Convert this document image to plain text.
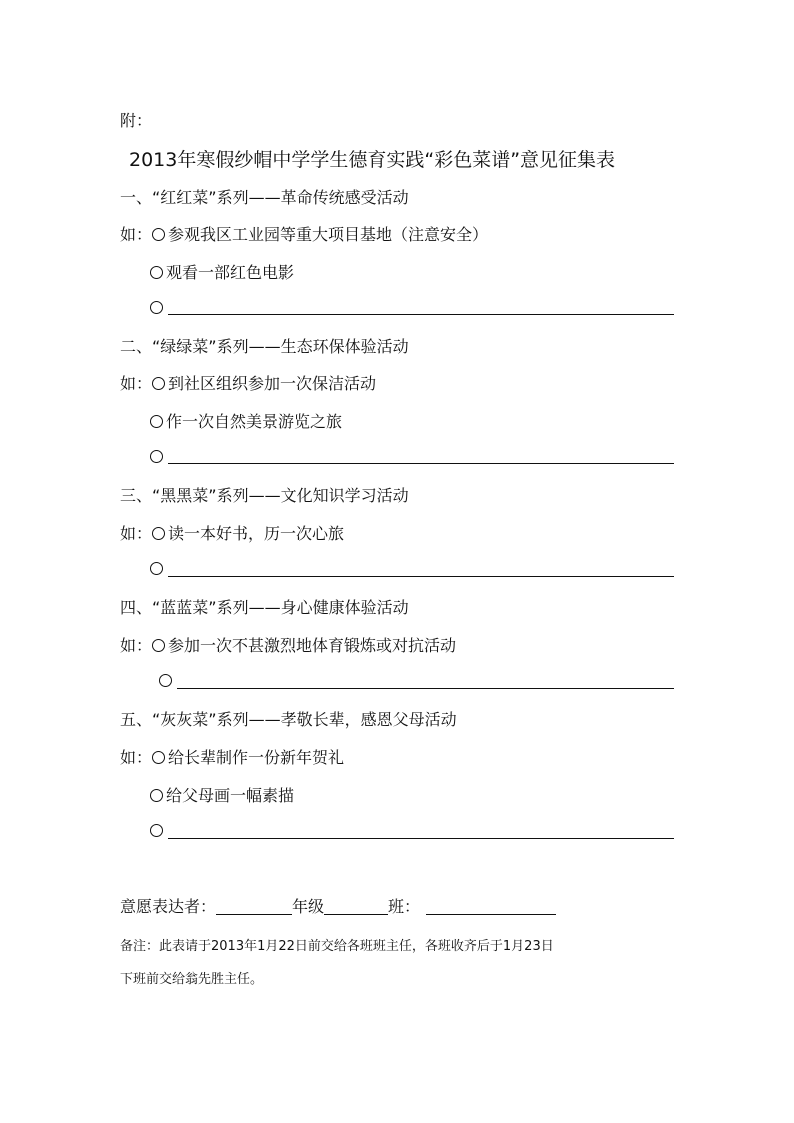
附：
2013年寒假纱帽中学学生德育实践“彩色菜谱”意见征集表
一、“红红菜”系列——革命传统感受活动
如： 参观我区工业园等重大项目基地（注意安全）
观看一部红色电影
二、“绿绿菜”系列——生态环保体验活动
如： 到社区组织参加一次保洁活动
作一次自然美景游览之旅
三、“黑黑菜”系列——文化知识学习活动
如： 读一本好书，历一次心旅
四、“蓝蓝菜”系列——身心健康体验活动
如： 参加一次不甚激烈地体育锻炼或对抗活动
五、“灰灰菜”系列——孝敬长辈，感恩父母活动
如： 给长辈制作一份新年贺礼
给父母画一幅素描
意愿表达者：	年级	班：
备注：此表请于2013年1月22日前交给各班班主任，各班收齐后于1月23日
下班前交给翁先胜主任。
